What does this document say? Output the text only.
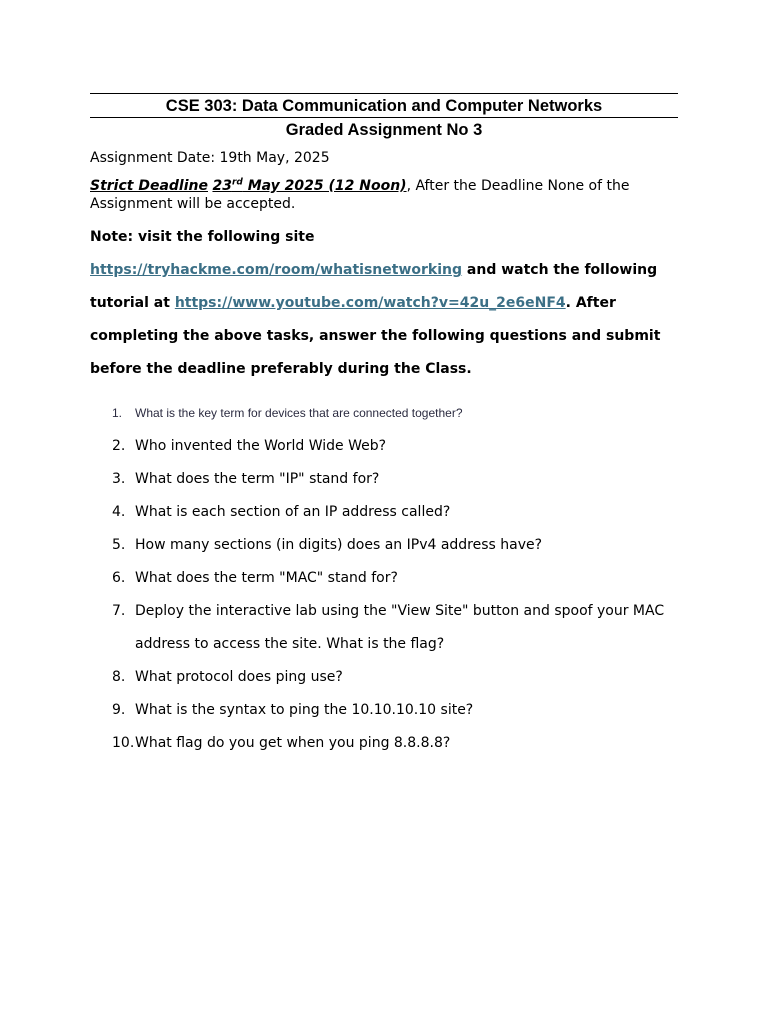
CSE 303: Data Communication and Computer Networks

Graded Assignment No 3

Assignment Date: 19th May, 2025

Strict Deadline 23rd May 2025 (12 Noon), After the Deadline None of the Assignment will be accepted.

Note: visit the following site
https://tryhackme.com/room/whatisnetworking and watch the following tutorial at https://www.youtube.com/watch?v=42u_2e6eNF4. After completing the above tasks, answer the following questions and submit before the deadline preferably during the Class.

1.	What is the key term for devices that are connected together?
2. Who invented the World Wide Web?
3. What does the term "IP" stand for?
4. What is each section of an IP address called?
5. How many sections (in digits) does an IPv4 address have?
6. What does the term "MAC" stand for?
7. Deploy the interactive lab using the "View Site" button and spoof your MAC address to access the site. What is the flag?
8. What protocol does ping use?
9. What is the syntax to ping the 10.10.10.10 site?
10. What flag do you get when you ping 8.8.8.8?
